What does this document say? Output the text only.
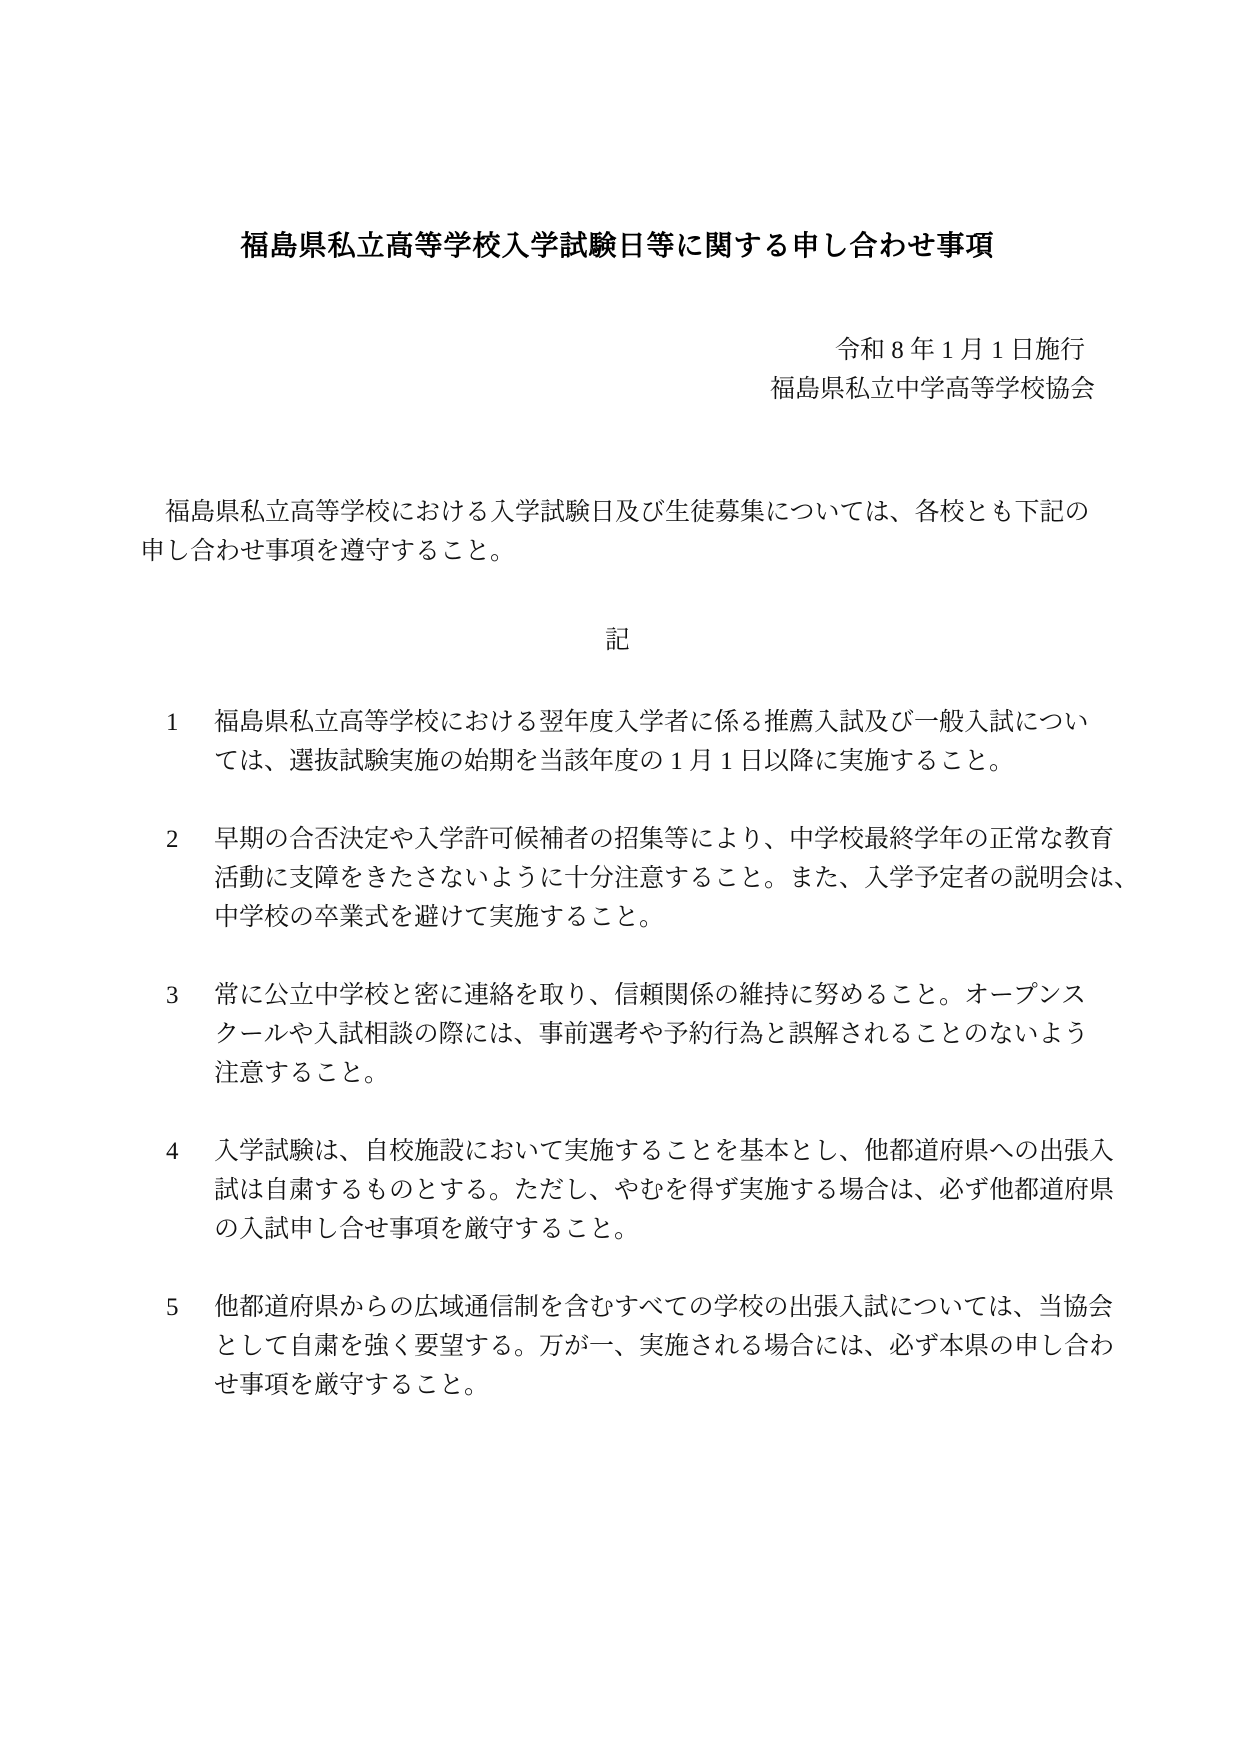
福島県私立高等学校入学試験日等に関する申し合わせ事項
令和 8 年 1 月 1 日施行
福島県私立中学高等学校協会

　福島県私立高等学校における入学試験日及び生徒募集については、各校とも下記の
申し合わせ事項を遵守すること。

記
1	福島県私立高等学校における翌年度入学者に係る推薦入試及び一般入試につい
ては、選抜試験実施の始期を当該年度の 1 月 1 日以降に実施すること。
2	早期の合否決定や入学許可候補者の招集等により、中学校最終学年の正常な教育
活動に支障をきたさないように十分注意すること。また、入学予定者の説明会は、
中学校の卒業式を避けて実施すること。
3	常に公立中学校と密に連絡を取り、信頼関係の維持に努めること。オープンス
クールや入試相談の際には、事前選考や予約行為と誤解されることのないよう
注意すること。
4	入学試験は、自校施設において実施することを基本とし、他都道府県への出張入
試は自粛するものとする。ただし、やむを得ず実施する場合は、必ず他都道府県
の入試申し合せ事項を厳守すること。
5	他都道府県からの広域通信制を含むすべての学校の出張入試については、当協会
として自粛を強く要望する。万が一、実施される場合には、必ず本県の申し合わ
せ事項を厳守すること。
